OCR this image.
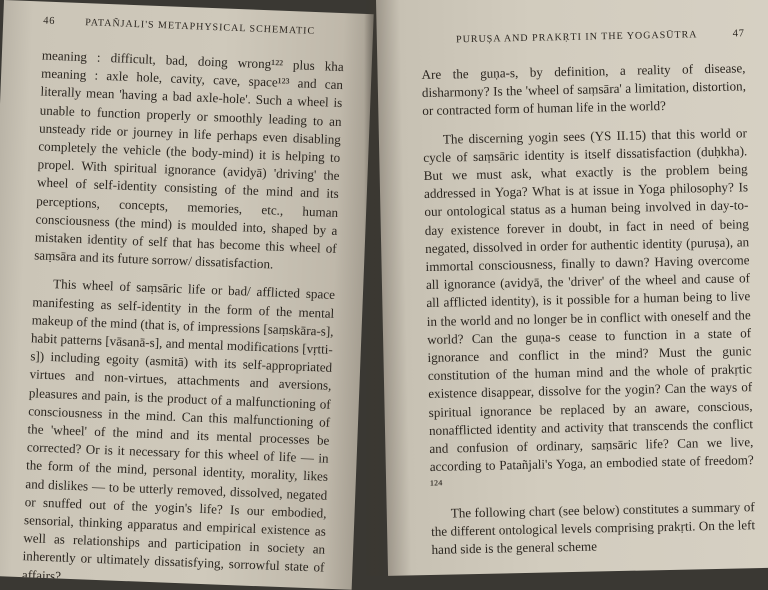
46	PATAÑJALI'S METAPHYSICAL SCHEMATIC

meaning : difficult, bad, doing wrong¹²² plus kha meaning : axle hole, cavity, cave, space¹²³ and can literally mean 'having a bad axle-hole'. Such a wheel is unable to function properly or smoothly leading to an unsteady ride or journey in life perhaps even disabling completely the vehicle (the body-mind) it is helping to propel. With spiritual ignorance (avidyā) 'driving' the wheel of self-identity consisting of the mind and its perceptions, concepts, memories, etc., human consciousness (the mind) is moulded into, shaped by a mistaken identity of self that has become this wheel of saṃsāra and its future sorrow/ dissatisfaction.

This wheel of saṃsāric life or bad/ afflicted space manifesting as self-identity in the form of the mental makeup of the mind (that is, of impressions [saṃskāra-s], habit patterns [vāsanā-s], and mental modifications [vṛtti-s]) including egoity (asmitā) with its self-appropriated virtues and non-virtues, attachments and aversions, pleasures and pain, is the product of a malfunctioning of consciousness in the mind. Can this malfunctioning of the 'wheel' of the mind and its mental processes be corrected? Or is it necessary for this wheel of life — in the form of the mind, personal identity, morality, likes and dislikes — to be utterly removed, dissolved, negated or snuffed out of the yogin's life? Is our embodied, sensorial, thinking apparatus and empirical existence as well as relationships and participation in society an inherently or ultimately dissatisfying, sorrowful state of affairs?

PURUṢA AND PRAKṚTI IN THE YOGASŪTRA	47

Are the guṇa-s, by definition, a reality of disease, disharmony? Is the 'wheel of saṃsāra' a limitation, distortion, or contracted form of human life in the world?

The discerning yogin sees (YS II.15) that this world or cycle of saṃsāric identity is itself dissatisfaction (duḥkha). But we must ask, what exactly is the problem being addressed in Yoga? What is at issue in Yoga philosophy? Is our ontological status as a human being involved in day-to-day existence forever in doubt, in fact in need of being negated, dissolved in order for authentic identity (puruṣa), an immortal consciousness, finally to dawn? Having overcome all ignorance (avidyā, the 'driver' of the wheel and cause of all afflicted identity), is it possible for a human being to live in the world and no longer be in conflict with oneself and the world? Can the guṇa-s cease to function in a state of ignorance and conflict in the mind? Must the gunic constitution of the human mind and the whole of prakṛtic existence disappear, dissolve for the yogin? Can the ways of spiritual ignorance be replaced by an aware, conscious, nonafflicted identity and activity that transcends the conflict and confusion of ordinary, saṃsāric life? Can we live, according to Patañjali's Yoga, an embodied state of freedom?¹²⁴

The following chart (see below) constitutes a summary of the different ontological levels comprising prakṛti. On the left hand side is the general scheme
